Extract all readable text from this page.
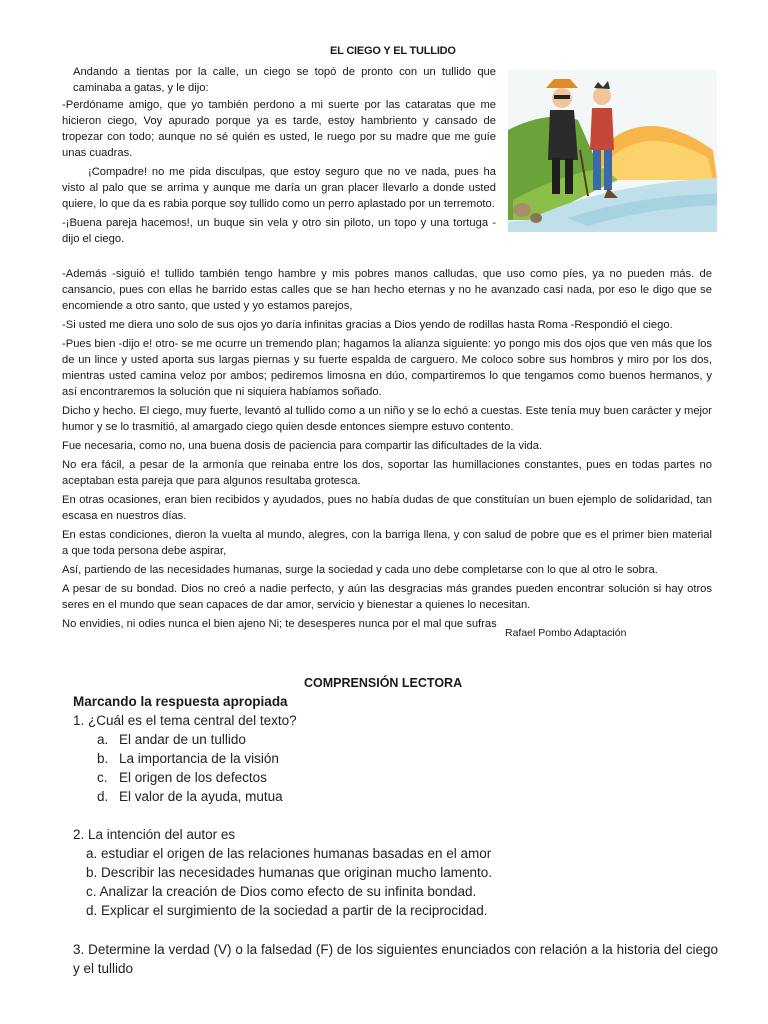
EL CIEGO Y EL TULLIDO

Andando a tientas por la calle, un ciego se topó de pronto con un tullido que caminaba a gatas, y le dijo:

-Perdóname amigo, que yo también perdono a mi suerte por las cataratas que me hicieron ciego, Voy apurado porque ya es tarde, estoy hambriento y cansado de tropezar con todo; aunque no sé quién es usted, le ruego por su madre que me guíe unas cuadras.

¡Compadre! no me pida disculpas, que estoy seguro que no ve nada, pues ha visto al palo que se arrima y aunque me daría un gran placer llevarlo a donde usted quiere, lo que da es rabia porque soy tullido como un perro aplastado por un terremoto.

-¡Buena pareja hacemos!, un buque sin vela y otro sin piloto, un topo y una tortuga -dijo el ciego.

-Además -siguió e! tullido también tengo hambre y mis pobres manos calludas, que uso como píes, ya no pueden más. de cansancio, pues con ellas he barrido estas calles que se han hecho eternas y no he avanzado casi nada, por eso le digo que se encomiende a otro santo, que usted y yo estamos parejos,

-Si usted me diera uno solo de sus ojos yo daría infinitas gracias a Dios yendo de rodillas hasta Roma -Respondió el ciego.

-Pues bien -dijo e! otro- se me ocurre un tremendo plan; hagamos la alianza siguiente: yo pongo mis dos ojos que ven más que los de un lince y usted aporta sus largas piernas y su fuerte espalda de carguero. Me coloco sobre sus hombros y miro por los dos, mientras usted camina veloz por ambos; pediremos limosna en dúo, compartiremos lo que tengamos como buenos hermanos, y así encontraremos la solución que ni siquiera habíamos soñado.

Dicho y hecho. El ciego, muy fuerte, levantó al tullido como a un niño y se lo echó a cuestas. Este tenía muy buen carácter y mejor humor y se lo trasmitió, al amargado ciego quien desde entonces siempre estuvo contento.

Fue necesaria, como no, una buena dosis de paciencia para compartir las dificultades de la vida.

No era fácil, a pesar de la armonía que reinaba entre los dos, soportar las humillaciones constantes, pues en todas partes no aceptaban esta pareja que para algunos resultaba grotesca.

En otras ocasiones, eran bien recibidos y ayudados, pues no había dudas de que constituían un buen ejemplo de solidaridad, tan escasa en nuestros días.

En estas condiciones, dieron la vuelta al mundo, alegres, con la barriga llena, y con salud de pobre que es el primer bien material a que toda persona debe aspirar,

Así, partiendo de las necesidades humanas, surge la sociedad y cada uno debe completarse con lo que al otro le sobra.

A pesar de su bondad. Dios no creó a nadie perfecto, y aún las desgracias más grandes pueden encontrar solución si hay otros seres en el mundo que sean capaces de dar amor, servicio y bienestar a quienes lo necesitan.

No envidies, ni odies nunca el bien ajeno Ni; te desesperes nunca por el mal que sufras

Rafael Pombo Adaptación
COMPRENSIÓN LECTORA
Marcando la respuesta apropiada
1. ¿Cuál es el tema central del texto?
a. El andar de un tullido
b. La importancia de la visión
c. El origen de los defectos
d. El valor de la ayuda, mutua
2. La intención del autor es
a. estudiar el origen de las relaciones humanas basadas en el amor
b. Describir las necesidades humanas que originan mucho lamento.
c. Analizar la creación de Dios como efecto de su infinita bondad.
d. Explicar el surgimiento de la sociedad a partir de la reciprocidad.
3. Determine la verdad (V) o la falsedad (F) de los siguientes enunciados con relación a la historia del ciego y el tullido
